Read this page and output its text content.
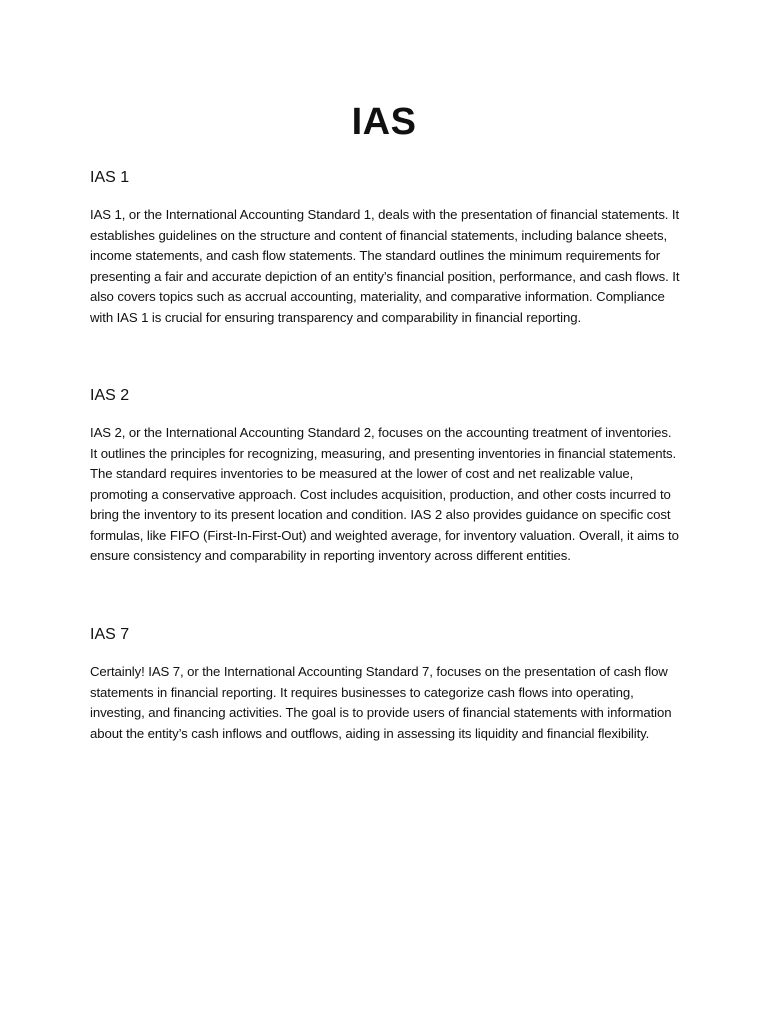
IAS
IAS 1

IAS 1, or the International Accounting Standard 1, deals with the presentation of financial statements. It establishes guidelines on the structure and content of financial statements, including balance sheets, income statements, and cash flow statements. The standard outlines the minimum requirements for presenting a fair and accurate depiction of an entity’s financial position, performance, and cash flows. It also covers topics such as accrual accounting, materiality, and comparative information. Compliance with IAS 1 is crucial for ensuring transparency and comparability in financial reporting.

IAS 2

IAS 2, or the International Accounting Standard 2, focuses on the accounting treatment of inventories. It outlines the principles for recognizing, measuring, and presenting inventories in financial statements. The standard requires inventories to be measured at the lower of cost and net realizable value, promoting a conservative approach. Cost includes acquisition, production, and other costs incurred to bring the inventory to its present location and condition. IAS 2 also provides guidance on specific cost formulas, like FIFO (First-In-First-Out) and weighted average, for inventory valuation. Overall, it aims to ensure consistency and comparability in reporting inventory across different entities.

IAS 7

Certainly! IAS 7, or the International Accounting Standard 7, focuses on the presentation of cash flow statements in financial reporting. It requires businesses to categorize cash flows into operating, investing, and financing activities. The goal is to provide users of financial statements with information about the entity’s cash inflows and outflows, aiding in assessing its liquidity and financial flexibility.
